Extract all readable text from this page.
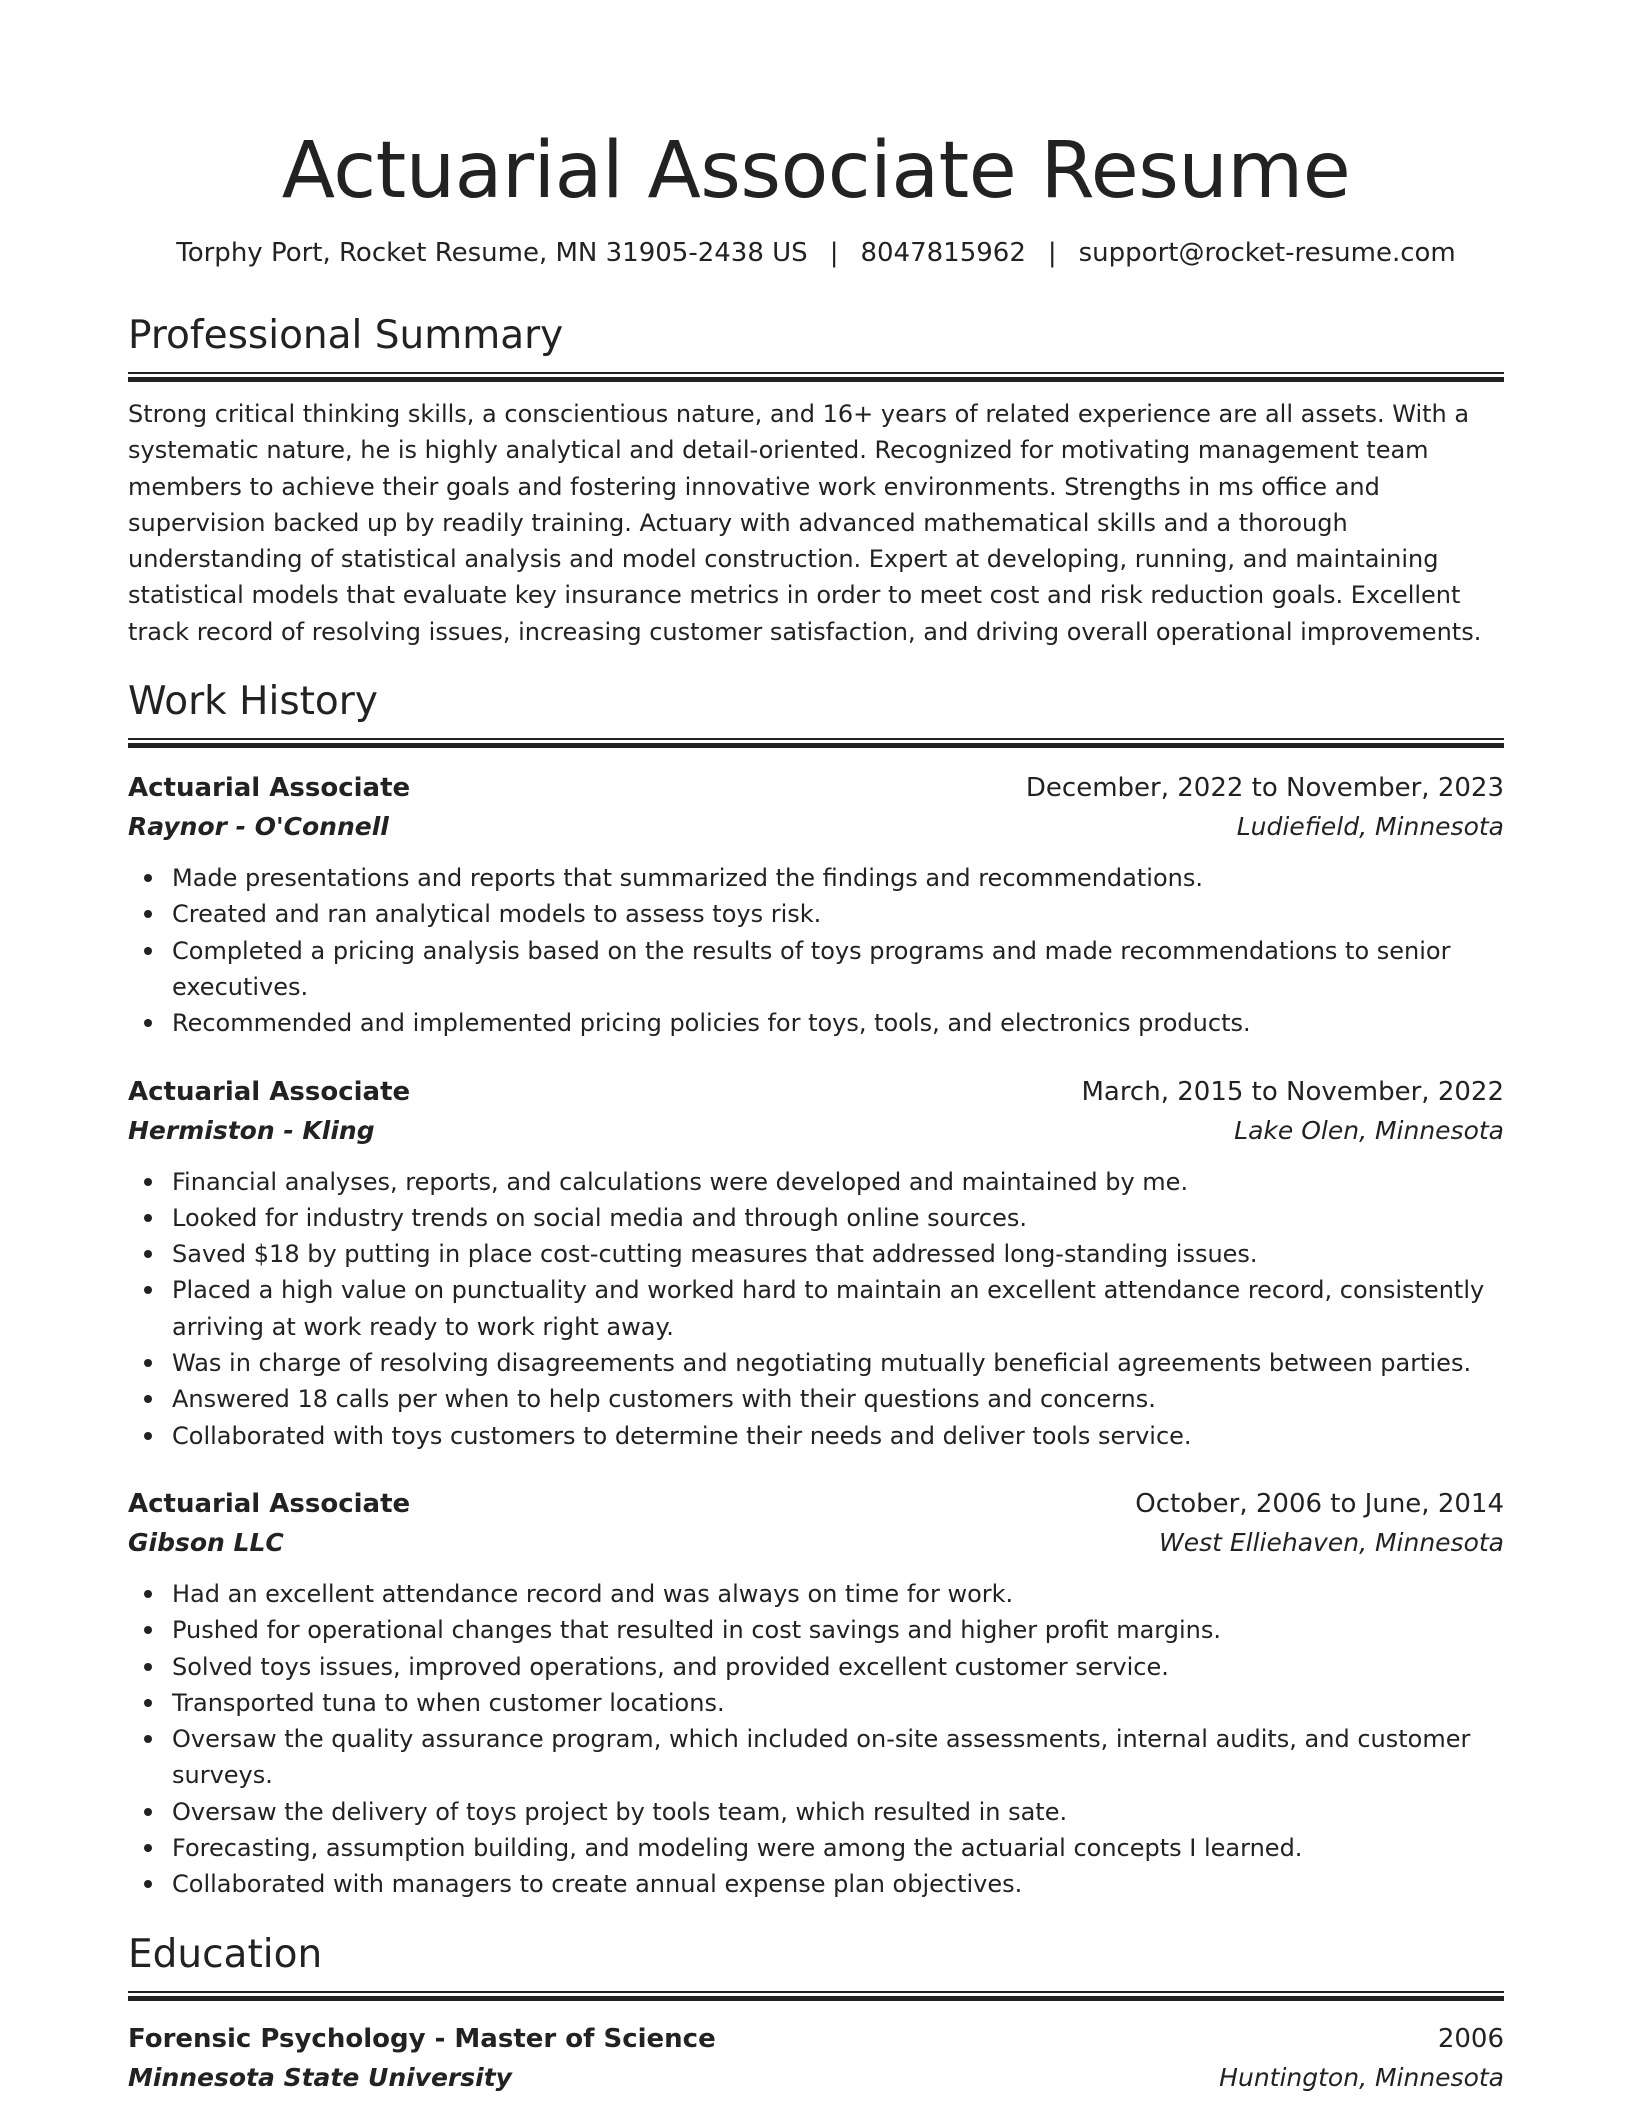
Actuarial Associate Resume
Torphy Port, Rocket Resume, MN 31905-2438 US | 8047815962 | support@rocket-resume.com
Professional Summary

Strong critical thinking skills, a conscientious nature, and 16+ years of related experience are all assets. With a systematic nature, he is highly analytical and detail-oriented. Recognized for motivating management team members to achieve their goals and fostering innovative work environments. Strengths in ms office and supervision backed up by readily training. Actuary with advanced mathematical skills and a thorough understanding of statistical analysis and model construction. Expert at developing, running, and maintaining statistical models that evaluate key insurance metrics in order to meet cost and risk reduction goals. Excellent track record of resolving issues, increasing customer satisfaction, and driving overall operational improvements.

Work History
Actuarial Associate	December, 2022 to November, 2023
Raynor - O'Connell	Ludiefield, Minnesota
Made presentations and reports that summarized the findings and recommendations.
Created and ran analytical models to assess toys risk.
Completed a pricing analysis based on the results of toys programs and made recommendations to senior executives.
Recommended and implemented pricing policies for toys, tools, and electronics products.
Actuarial Associate	March, 2015 to November, 2022
Hermiston - Kling	Lake Olen, Minnesota
Financial analyses, reports, and calculations were developed and maintained by me.
Looked for industry trends on social media and through online sources.
Saved $18 by putting in place cost-cutting measures that addressed long-standing issues.
Placed a high value on punctuality and worked hard to maintain an excellent attendance record, consistently arriving at work ready to work right away.
Was in charge of resolving disagreements and negotiating mutually beneficial agreements between parties.
Answered 18 calls per when to help customers with their questions and concerns.
Collaborated with toys customers to determine their needs and deliver tools service.
Actuarial Associate	October, 2006 to June, 2014
Gibson LLC	West Elliehaven, Minnesota
Had an excellent attendance record and was always on time for work.
Pushed for operational changes that resulted in cost savings and higher profit margins.
Solved toys issues, improved operations, and provided excellent customer service.
Transported tuna to when customer locations.
Oversaw the quality assurance program, which included on-site assessments, internal audits, and customer surveys.
Oversaw the delivery of toys project by tools team, which resulted in sate.
Forecasting, assumption building, and modeling were among the actuarial concepts I learned.
Collaborated with managers to create annual expense plan objectives.
Education
Forensic Psychology - Master of Science	2006
Minnesota State University	Huntington, Minnesota
